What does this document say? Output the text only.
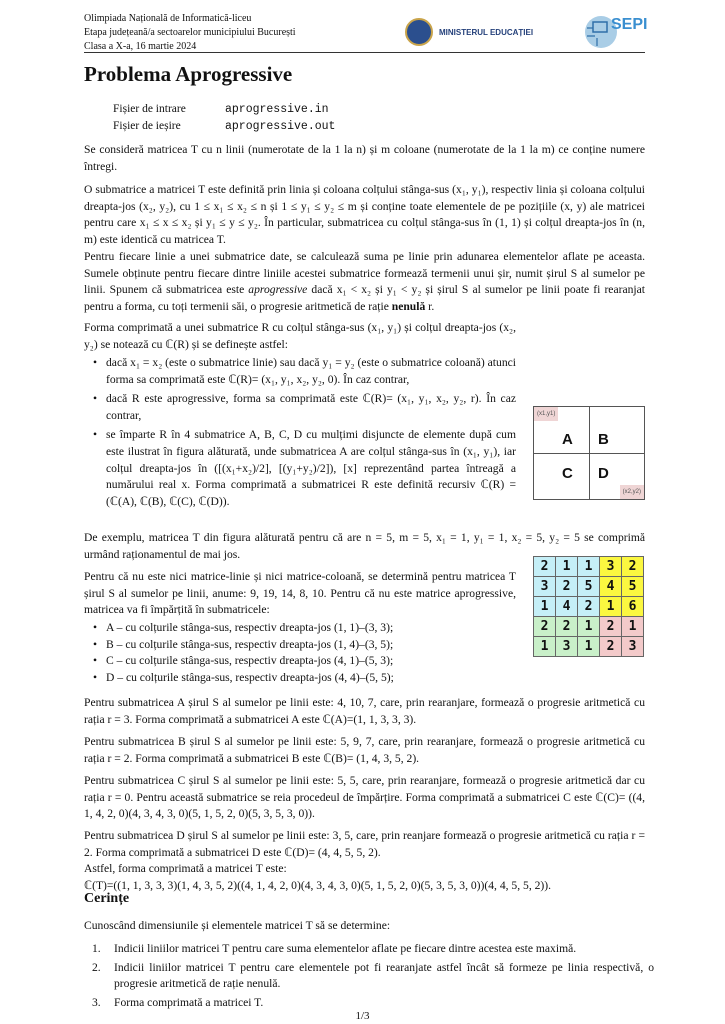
Olimpiada Națională de Informatică-liceu
Etapa județeană/a sectoarelor municipiului București
Clasa a X-a, 16 martie 2024
MINISTERUL EDUCAȚIEI	SEPI
Problema Aprogressive
Fișier de intrare	aprogressive.in
Fișier de ieșire	aprogressive.out
Se consideră matricea T cu n linii (numerotate de la 1 la n) și m coloane (numerotate de la 1 la m) ce conține numere întregi.
O submatrice a matricei T este definită prin linia și coloana colțului stânga-sus (x₁, y₁), respectiv linia și coloana colțului dreapta-jos (x₂, y₂), cu 1 ≤ x₁ ≤ x₂ ≤ n și 1 ≤ y₁ ≤ y₂ ≤ m și conține toate elementele de pe pozițiile (x, y) ale matricei pentru care x₁ ≤ x ≤ x₂ și y₁ ≤ y ≤ y₂. În particular, submatricea cu colțul stânga-sus în (1, 1) și colțul dreapta-jos în (n, m) este identică cu matricea T.
Pentru fiecare linie a unei submatrice date, se calculează suma pe linie prin adunarea elementelor aflate pe aceasta. Sumele obținute pentru fiecare dintre liniile acestei submatrice formează termenii unui șir, numit șirul S al sumelor pe linii. Spunem că submatricea este aprogressive dacă x₁ < x₂ și y₁ < y₂ și șirul S al sumelor pe linii poate fi rearanjat pentru a forma, cu toți termenii săi, o progresie aritmetică de rație nenulă r.
Forma comprimată a unei submatrice R cu colțul stânga-sus (x₁, y₁) și colțul dreapta-jos (x₂, y₂) se notează cu ℂ(R) și se definește astfel:
• dacă x₁ = x₂ (este o submatrice linie) sau dacă y₁ = y₂ (este o submatrice coloană) atunci forma sa comprimată este ℂ(R)= (x₁, y₁, x₂, y₂, 0). În caz contrar,
• dacă R este aprogressive, forma sa comprimată este ℂ(R)= (x₁, y₁, x₂, y₂, r). În caz contrar,
• se împarte R în 4 submatrice A, B, C, D cu mulțimi disjuncte de elemente după cum este ilustrat în figura alăturată, unde submatricea A are colțul stânga-sus în (x₁, y₁), iar colțul dreapta-jos în ([(x₁+x₂)/2], [(y₁+y₂)/2]), [x] reprezentând partea întreagă a numărului real x. Forma comprimată a submatricei R este definită recursiv ℂ(R) =(ℂ(A), ℂ(B), ℂ(C), ℂ(D)).
(x1,y1)
(x2,y2)
A B
C D
De exemplu, matricea T din figura alăturată pentru că are n = 5, m = 5, x₁ = 1, y₁ = 1, x₂ = 5, y₂ = 5 se comprimă urmând raționamentul de mai jos.
Pentru că nu este nici matrice-linie și nici matrice-coloană, se determină pentru matricea T șirul S al sumelor pe linii, anume: 9, 19, 14, 8, 10. Pentru că nu este matrice aprogressive, matricea va fi împărțită în submatricele:
• A – cu colțurile stânga-sus, respectiv dreapta-jos (1, 1)–(3, 3);
• B – cu colțurile stânga-sus, respectiv dreapta-jos (1, 4)–(3, 5);
• C – cu colțurile stânga-sus, respectiv dreapta-jos (4, 1)–(5, 3);
• D – cu colțurile stânga-sus, respectiv dreapta-jos (4, 4)–(5, 5);
2	1	1	3	2
3	2	5	4	5
1	4	2	1	6
2	2	1	2	1
1	3	1	2	3
Pentru submatricea A șirul S al sumelor pe linii este: 4, 10, 7, care, prin rearanjare, formează o progresie aritmetică cu rația r = 3. Forma comprimată a submatricei A este ℂ(A)=(1, 1, 3, 3, 3).
Pentru submatricea B șirul S al sumelor pe linii este: 5, 9, 7, care, prin rearanjare, formează o progresie aritmetică cu rația r = 2. Forma comprimată a submatricei B este ℂ(B)= (1, 4, 3, 5, 2).
Pentru submatricea C șirul S al sumelor pe linii este: 5, 5, care, prin rearanjare, formează o progresie aritmetică dar cu rația r = 0. Pentru această submatrice se reia procedeul de împărțire. Forma comprimată a submatricei C este ℂ(C)= ((4, 1, 4, 2, 0)(4, 3, 4, 3, 0)(5, 1, 5, 2, 0)(5, 3, 5, 3, 0)).
Pentru submatricea D șirul S al sumelor pe linii este: 3, 5, care, prin reanjare formează o progresie aritmetică cu rația r = 2. Forma comprimată a submatricei D este ℂ(D)= (4, 4, 5, 5, 2).
Astfel, forma comprimată a matricei T este:
ℂ(T)=((1, 1, 3, 3, 3)(1, 4, 3, 5, 2)((4, 1, 4, 2, 0)(4, 3, 4, 3, 0)(5, 1, 5, 2, 0)(5, 3, 5, 3, 0))(4, 4, 5, 5, 2)).
Cerințe
Cunoscând dimensiunile și elementele matricei T să se determine:
1. Indicii liniilor matricei T pentru care suma elementelor aflate pe fiecare dintre acestea este maximă.
2. Indicii liniilor matricei T pentru care elementele pot fi rearanjate astfel încât să formeze pe linia respectivă, o progresie aritmetică de rație nenulă.
3. Forma comprimată a matricei T.
1/3
